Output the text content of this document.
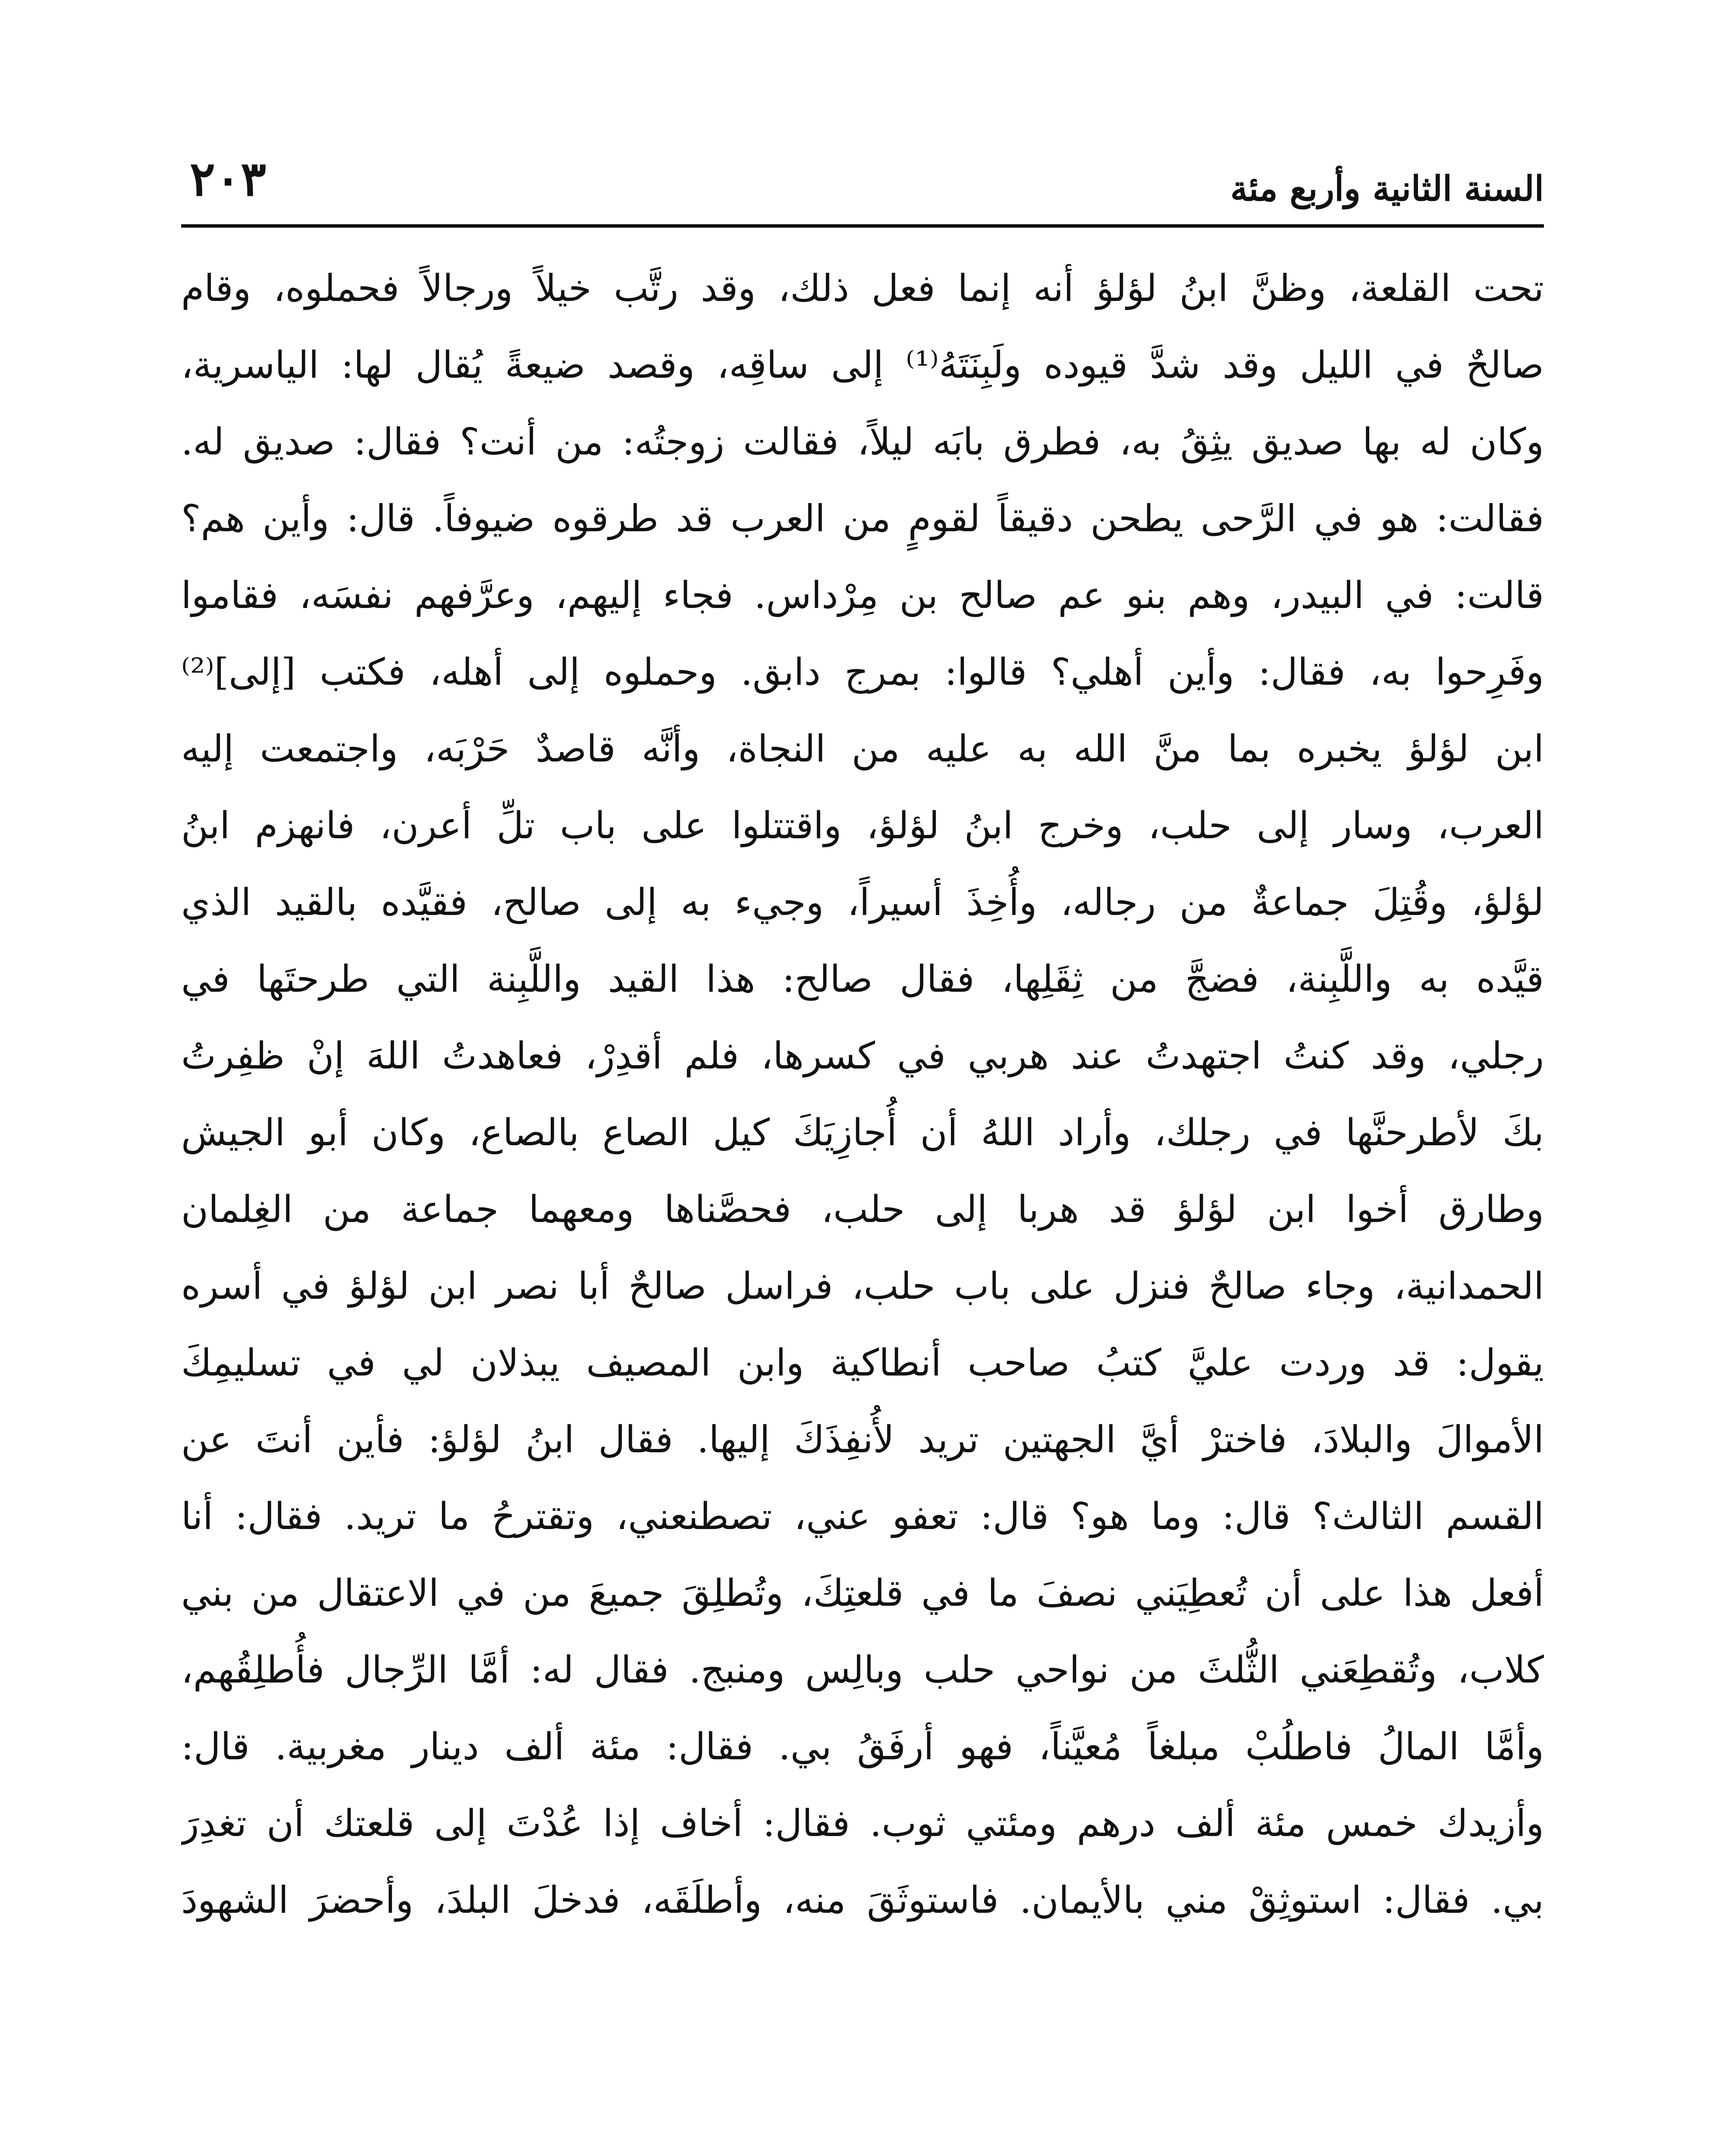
السنة الثانية وأربع مئة
٢٠٣
تحت القلعة، وظنَّ ابنُ لؤلؤ أنه إنما فعل ذلك، وقد رتَّب خيلاً ورجالاً فحملوه، وقام
صالحٌ في الليل وقد شدَّ قيوده ولَبِنَتَهُ⁽¹⁾ إلى ساقِه، وقصد ضيعةً يُقال لها: الياسرية،
وكان له بها صديق يثِقُ به، فطرق بابَه ليلاً، فقالت زوجتُه: من أنت؟ فقال: صديق له.
فقالت: هو في الرَّحى يطحن دقيقاً لقومٍ من العرب قد طرقوه ضيوفاً. قال: وأين هم؟
قالت: في البيدر، وهم بنو عم صالح بن مِرْداس. فجاء إليهم، وعرَّفهم نفسَه، فقاموا
وفَرِحوا به، فقال: وأين أهلي؟ قالوا: بمرج دابق. وحملوه إلى أهله، فكتب [إلى]⁽²⁾
ابن لؤلؤ يخبره بما منَّ الله به عليه من النجاة، وأنَّه قاصدٌ حَرْبَه، واجتمعت إليه
العرب، وسار إلى حلب، وخرج ابنُ لؤلؤ، واقتتلوا على باب تلِّ أعرن، فانهزم ابنُ
لؤلؤ، وقُتِلَ جماعةٌ من رجاله، وأُخِذَ أسيراً، وجيء به إلى صالح، فقيَّده بالقيد الذي
قيَّده به واللَّبِنة، فضجَّ من ثِقَلِها، فقال صالح: هذا القيد واللَّبِنة التي طرحتَها في
رجلي، وقد كنتُ اجتهدتُ عند هربي في كسرها، فلم أقدِرْ، فعاهدتُ اللهَ إنْ ظفِرتُ
بكَ لأطرحنَّها في رجلك، وأراد اللهُ أن أُجازِيَكَ كيل الصاع بالصاع، وكان أبو الجيش
وطارق أخوا ابن لؤلؤ قد هربا إلى حلب، فحصَّناها ومعهما جماعة من الغِلمان
الحمدانية، وجاء صالحٌ فنزل على باب حلب، فراسل صالحٌ أبا نصر ابن لؤلؤ في أسره
يقول: قد وردت عليَّ كتبُ صاحب أنطاكية وابن المصيف يبذلان لي في تسليمِكَ
الأموالَ والبلادَ، فاخترْ أيَّ الجهتين تريد لأُنفِذَكَ إليها. فقال ابنُ لؤلؤ: فأين أنتَ عن
القسم الثالث؟ قال: وما هو؟ قال: تعفو عني، تصطنعني، وتقترحُ ما تريد. فقال: أنا
أفعل هذا على أن تُعطِيَني نصفَ ما في قلعتِكَ، وتُطلِقَ جميعَ من في الاعتقال من بني
كلاب، وتُقطِعَني الثُّلثَ من نواحي حلب وبالِس ومنبج. فقال له: أمَّا الرِّجال فأُطلِقُهم،
وأمَّا المالُ فاطلُبْ مبلغاً مُعيَّناً، فهو أرفَقُ بي. فقال: مئة ألف دينار مغربية. قال:
وأزيدك خمس مئة ألف درهم ومئتي ثوب. فقال: أخاف إذا عُدْتَ إلى قلعتك أن تغدِرَ
بي. فقال: استوثِقْ مني بالأيمان. فاستوثَقَ منه، وأطلَقَه، فدخلَ البلدَ، وأحضرَ الشهودَ
